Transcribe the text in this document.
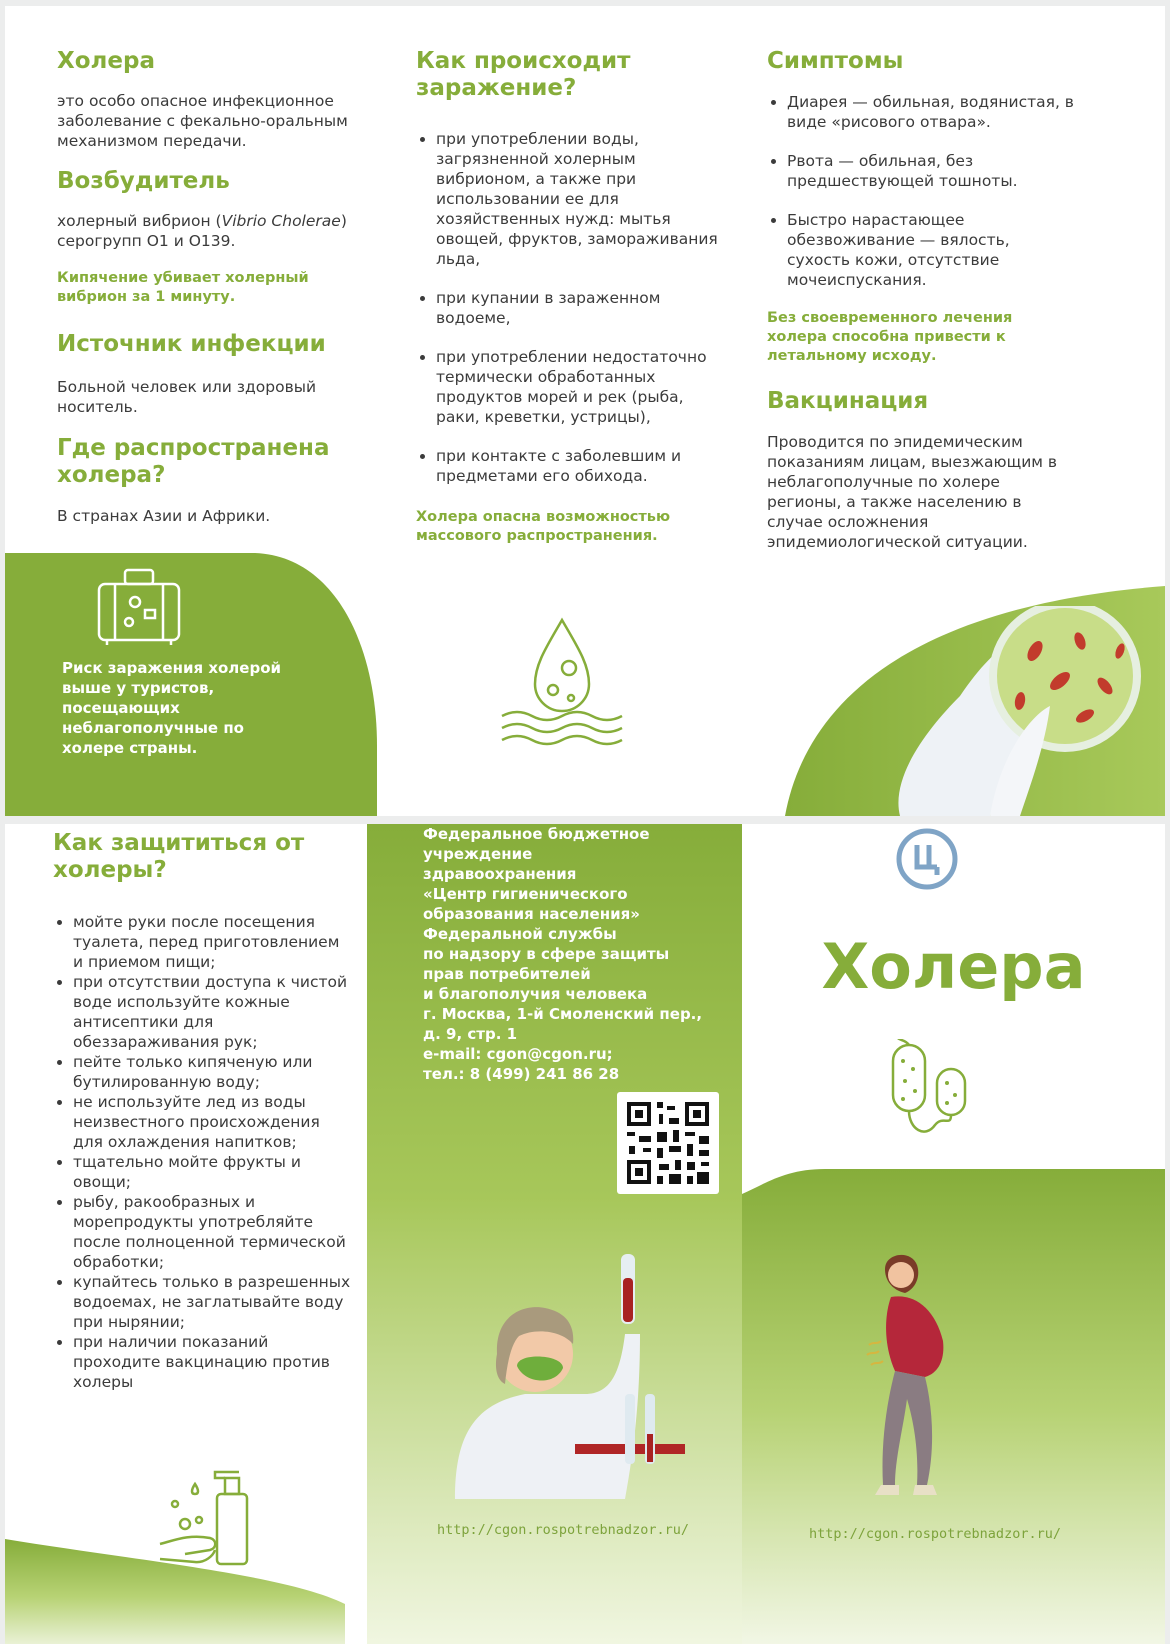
Холера

это особо опасное инфекционное заболевание с фекально-оральным механизмом передачи.

Возбудитель

холерный вибрион (Vibrio Cholerae) серогрупп О1 и О139.

Кипячение убивает холерный вибрион за 1 минуту.

Источник инфекции

Больной человек или здоровый носитель.

Где распространена холера?

В странах Азии и Африки.

Как происходит заражение?
• при употреблении воды, загрязненной холерным вибрионом, а также при использовании ее для хозяйственных нужд: мытья овощей, фруктов, замораживания льда,
• при купании в зараженном водоеме,
• при употреблении недостаточно термически обработанных продуктов морей и рек (рыба, раки, креветки, устрицы),
• при контакте с заболевшим и предметами его обихода.

Холера опасна возможностью массового распространения.

Симптомы
• Диарея — обильная, водянистая, в виде «рисового отвара».
• Рвота — обильная, без предшествующей тошноты.
• Быстро нарастающее обезвоживание — вялость, сухость кожи, отсутствие мочеиспускания.

Без своевременного лечения холера способна привести к летальному исходу.

Вакцинация

Проводится по эпидемическим показаниям лицам, выезжающим в неблагополучные по холере регионы, а также населению в случае осложнения эпидемиологической ситуации.

Риск заражения холерой выше у туристов, посещающих неблагополучные по холере страны.

Как защититься от холеры?
• мойте руки после посещения туалета, перед приготовлением и приемом пищи;
• при отсутствии доступа к чистой воде используйте кожные антисептики для обеззараживания рук;
• пейте только кипяченую или бутилированную воду;
• не используйте лед из воды неизвестного происхождения для охлаждения напитков;
• тщательно мойте фрукты и овощи;
• рыбу, ракообразных и морепродукты употребляйте после полноценной термической обработки;
• купайтесь только в разрешенных водоемах, не заглатывайте воду при нырянии;
• при наличии показаний проходите вакцинацию против холеры

Федеральное бюджетное

учреждение

здравоохранения

«Центр гигиенического

образования населения»

Федеральной службы

по надзору в сфере защиты

прав потребителей

и благополучия человека

г. Москва, 1-й Смоленский пер.,

д. 9, стр. 1

e-mail: cgon@cgon.ru;

тел.: 8 (499) 241 86 28

Холера
http://cgon.rospotrebnadzor.ru/	http://cgon.rospotrebnadzor.ru/
